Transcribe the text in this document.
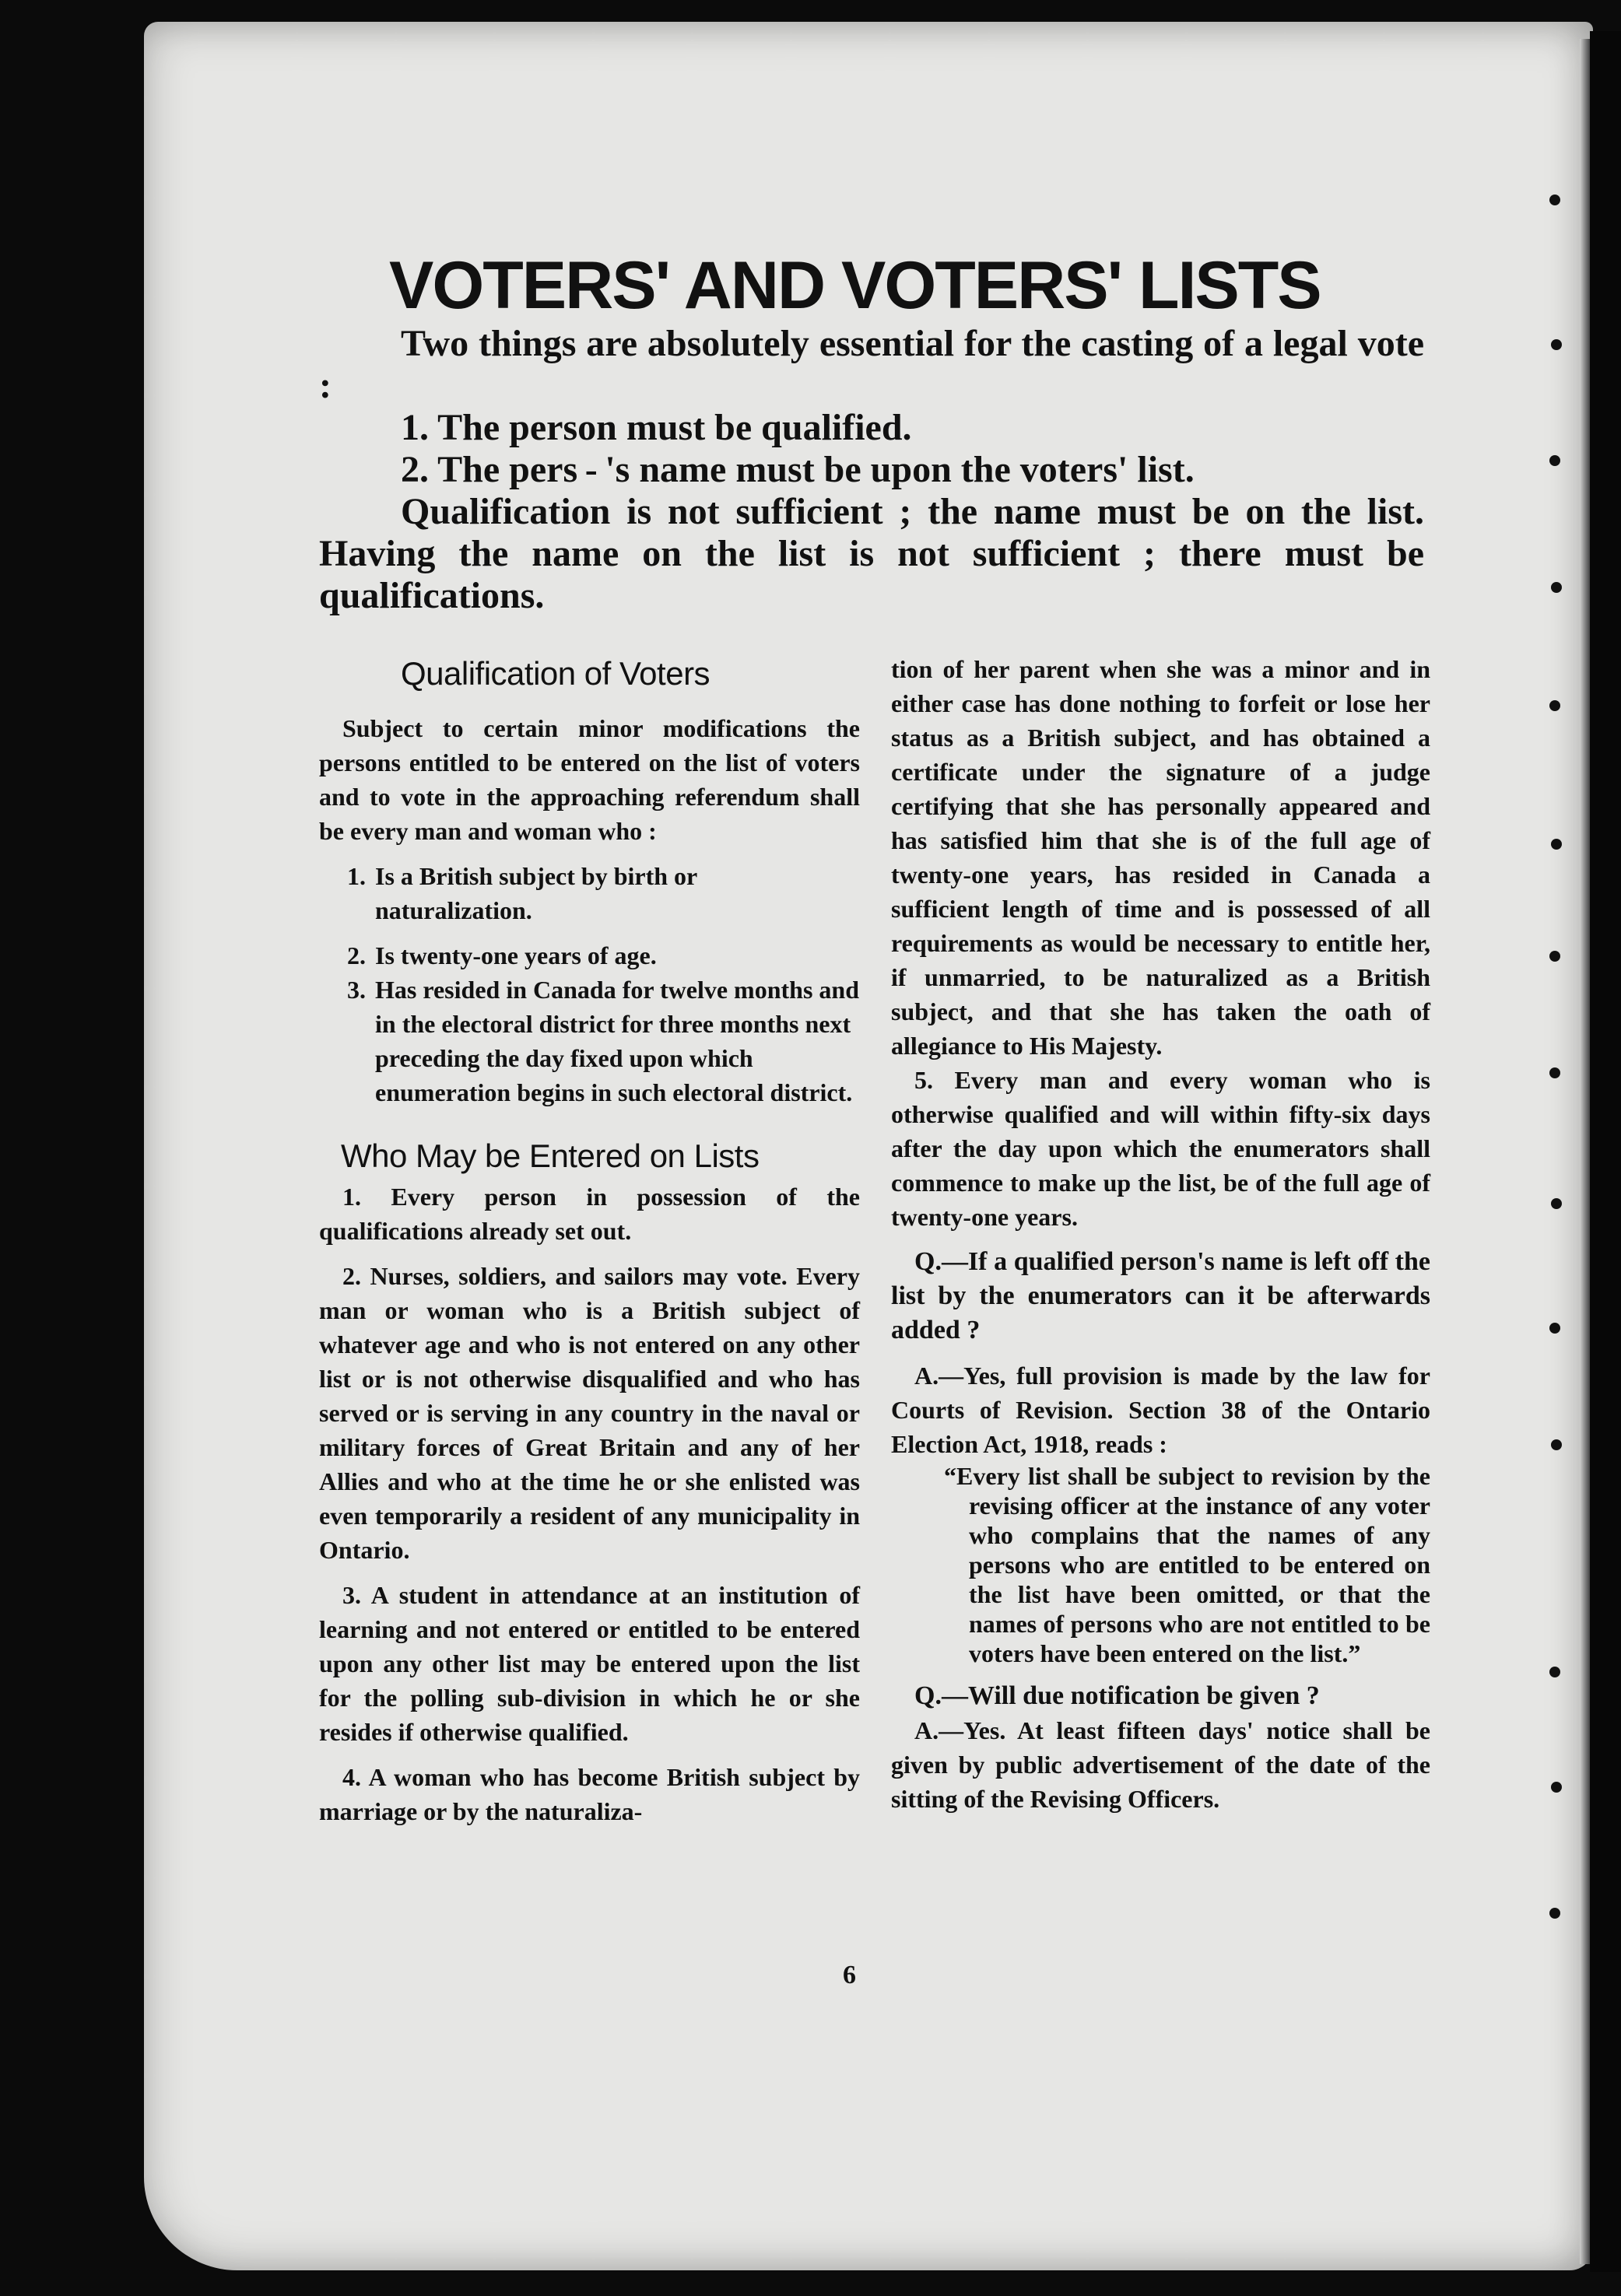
VOTERS' AND VOTERS' LISTS

Two things are absolutely essential for the casting of a legal vote :

1. The person must be qualified.

2. The pers - 's name must be upon the voters' list.

Qualification is not sufficient ; the name must be on the list. Having the name on the list is not sufficient ; there must be qualifications.

Qualification of Voters

Subject to certain minor modifications the persons entitled to be entered on the list of voters and to vote in the approaching referendum shall be every man and woman who :

1. Is a British subject by birth or naturalization.
2. Is twenty-one years of age.
3. Has resided in Canada for twelve months and in the electoral district for three months next preceding the day fixed upon which enumeration begins in such electoral district.
Who May be Entered on Lists

1. Every person in possession of the qualifications already set out.

2. Nurses, soldiers, and sailors may vote. Every man or woman who is a British subject of whatever age and who is not entered on any other list or is not otherwise disqualified and who has served or is serving in any country in the naval or military forces of Great Britain and any of her Allies and who at the time he or she enlisted was even temporarily a resident of any municipality in Ontario.

3. A student in attendance at an institution of learning and not entered or entitled to be entered upon any other list may be entered upon the list for the polling sub-division in which he or she resides if otherwise qualified.

4. A woman who has become British subject by marriage or by the naturaliza-

tion of her parent when she was a minor and in either case has done nothing to forfeit or lose her status as a British subject, and has obtained a certificate under the signature of a judge certifying that she has personally appeared and has satisfied him that she is of the full age of twenty-one years, has resided in Canada a sufficient length of time and is possessed of all requirements as would be necessary to entitle her, if unmarried, to be naturalized as a British subject, and that she has taken the oath of allegiance to His Majesty.

5. Every man and every woman who is otherwise qualified and will within fifty-six days after the day upon which the enumerators shall commence to make up the list, be of the full age of twenty-one years.

Q.—If a qualified person's name is left off the list by the enumerators can it be afterwards added ?

A.—Yes, full provision is made by the law for Courts of Revision. Section 38 of the Ontario Election Act, 1918, reads :

“Every list shall be subject to revision by the revising officer at the instance of any voter who complains that the names of any persons who are entitled to be entered on the list have been omitted, or that the names of persons who are not entitled to be voters have been entered on the list.”

Q.—Will due notification be given ?

A.—Yes. At least fifteen days' notice shall be given by public advertisement of the date of the sitting of the Revising Officers.

6
